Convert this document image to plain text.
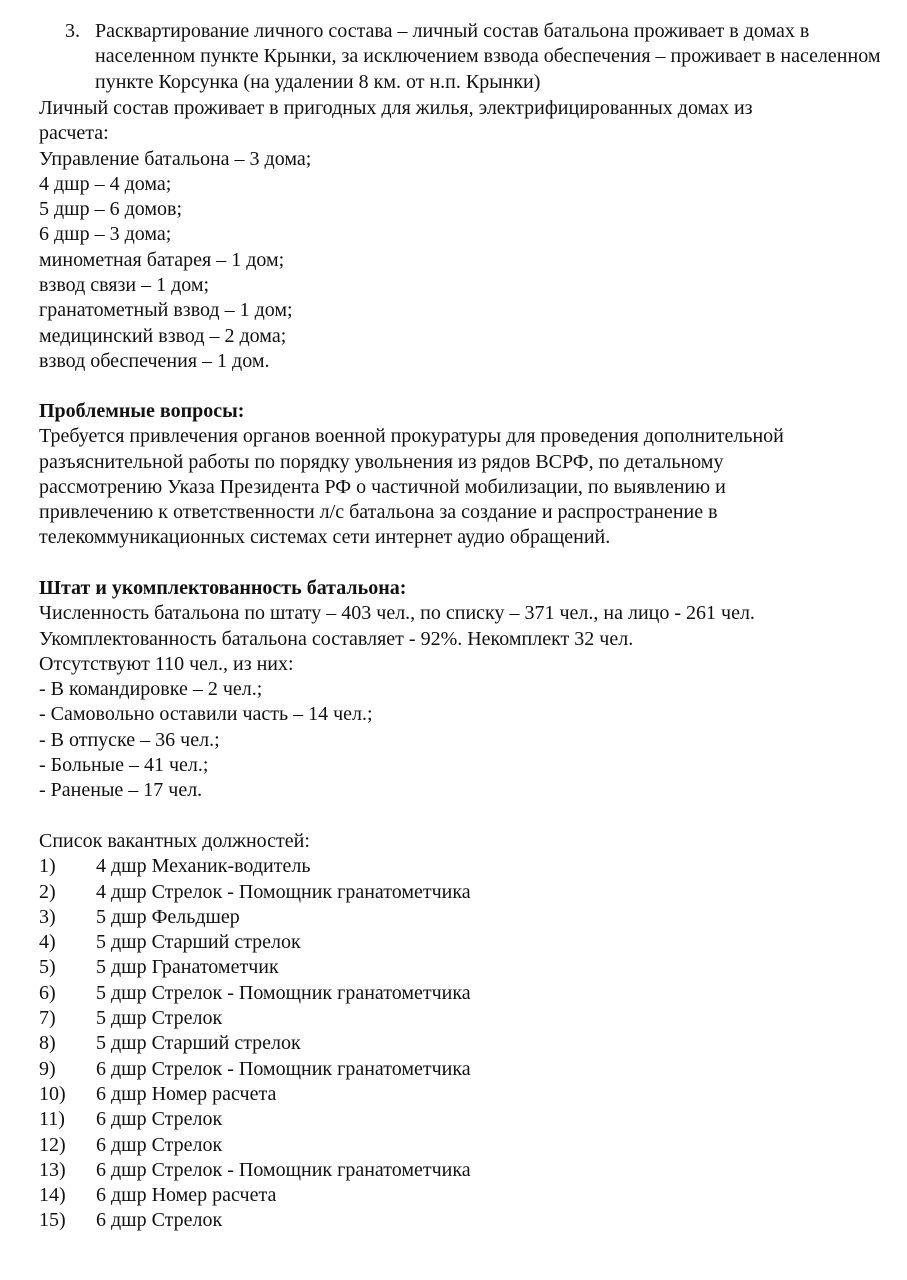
3. Расквартирование личного состава – личный состав батальона проживает в домах в населенном пункте Крынки, за исключением взвода обеспечения – проживает в населенном пункте Корсунка (на удалении 8 км. от н.п. Крынки)
Личный состав проживает в пригодных для жилья, электрифицированных домах из
расчета:
Управление батальона – 3 дома;
4 дшр – 4 дома;
5 дшр – 6 домов;
6 дшр – 3 дома;
минометная батарея – 1 дом;
взвод связи – 1 дом;
гранатометный взвод – 1 дом;
медицинский взвод – 2 дома;
взвод обеспечения – 1 дом.
Проблемные вопросы:
Требуется привлечения органов военной прокуратуры для проведения дополнительной
разъяснительной работы по порядку увольнения из рядов ВСРФ, по детальному
рассмотрению Указа Президента РФ о частичной мобилизации, по выявлению и
привлечению к ответственности л/с батальона за создание и распространение в
телекоммуникационных системах сети интернет аудио обращений.
Штат и укомплектованность батальона:
Численность батальона по штату – 403 чел., по списку – 371 чел., на лицо - 261 чел.
Укомплектованность батальона составляет - 92%. Некомплект 32 чел.
Отсутствуют 110 чел., из них:
- В командировке – 2 чел.;
- Самовольно оставили часть – 14 чел.;
- В отпуске – 36 чел.;
- Больные – 41 чел.;
- Раненые – 17 чел.
Список вакантных должностей:
1)	4 дшр Механик-водитель
2)	4 дшр Стрелок - Помощник гранатометчика
3)	5 дшр Фельдшер
4)	5 дшр Старший стрелок
5)	5 дшр Гранатометчик
6)	5 дшр Стрелок - Помощник гранатометчика
7)	5 дшр Стрелок
8)	5 дшр Старший стрелок
9)	6 дшр Стрелок - Помощник гранатометчика
10)	6 дшр Номер расчета
11)	6 дшр Стрелок
12)	6 дшр Стрелок
13)	6 дшр Стрелок - Помощник гранатометчика
14)	6 дшр Номер расчета
15)	6 дшр Стрелок
